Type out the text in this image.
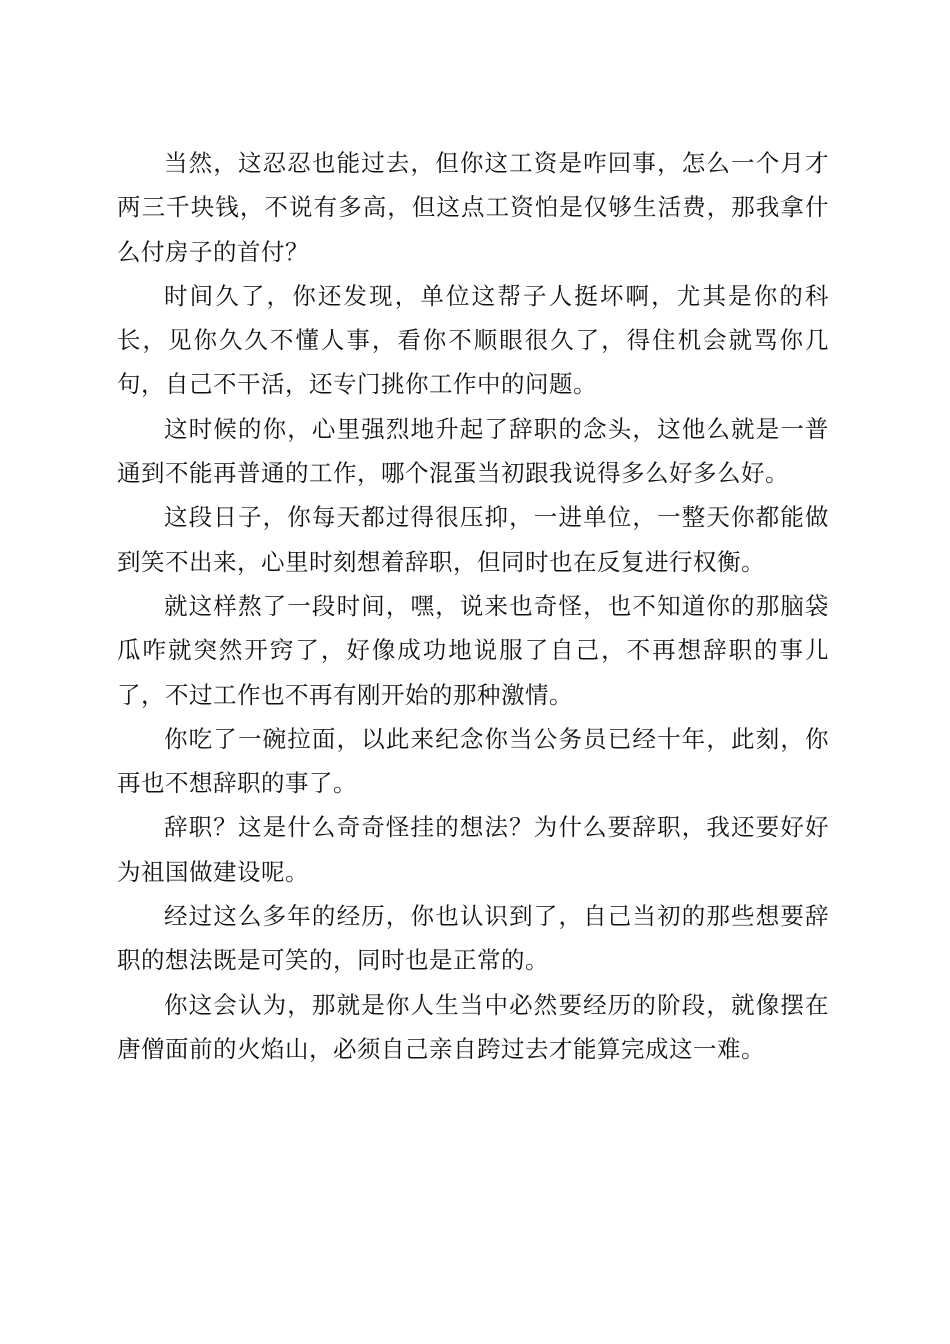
当然，这忍忍也能过去，但你这工资是咋回事，怎么一个月才两三千块钱，不说有多高，但这点工资怕是仅够生活费，那我拿什么付房子的首付？

时间久了，你还发现，单位这帮子人挺坏啊，尤其是你的科长，见你久久不懂人事，看你不顺眼很久了，得住机会就骂你几句，自己不干活，还专门挑你工作中的问题。

这时候的你，心里强烈地升起了辞职的念头，这他么就是一普通到不能再普通的工作，哪个混蛋当初跟我说得多么好多么好。

这段日子，你每天都过得很压抑，一进单位，一整天你都能做到笑不出来，心里时刻想着辞职，但同时也在反复进行权衡。

就这样熬了一段时间，嘿，说来也奇怪，也不知道你的那脑袋瓜咋就突然开窍了，好像成功地说服了自己，不再想辞职的事儿了，不过工作也不再有刚开始的那种激情。

你吃了一碗拉面，以此来纪念你当公务员已经十年，此刻，你再也不想辞职的事了。

辞职？这是什么奇奇怪挂的想法？为什么要辞职，我还要好好为祖国做建设呢。

经过这么多年的经历，你也认识到了，自己当初的那些想要辞职的想法既是可笑的，同时也是正常的。

你这会认为，那就是你人生当中必然要经历的阶段，就像摆在唐僧面前的火焰山，必须自己亲自跨过去才能算完成这一难。
